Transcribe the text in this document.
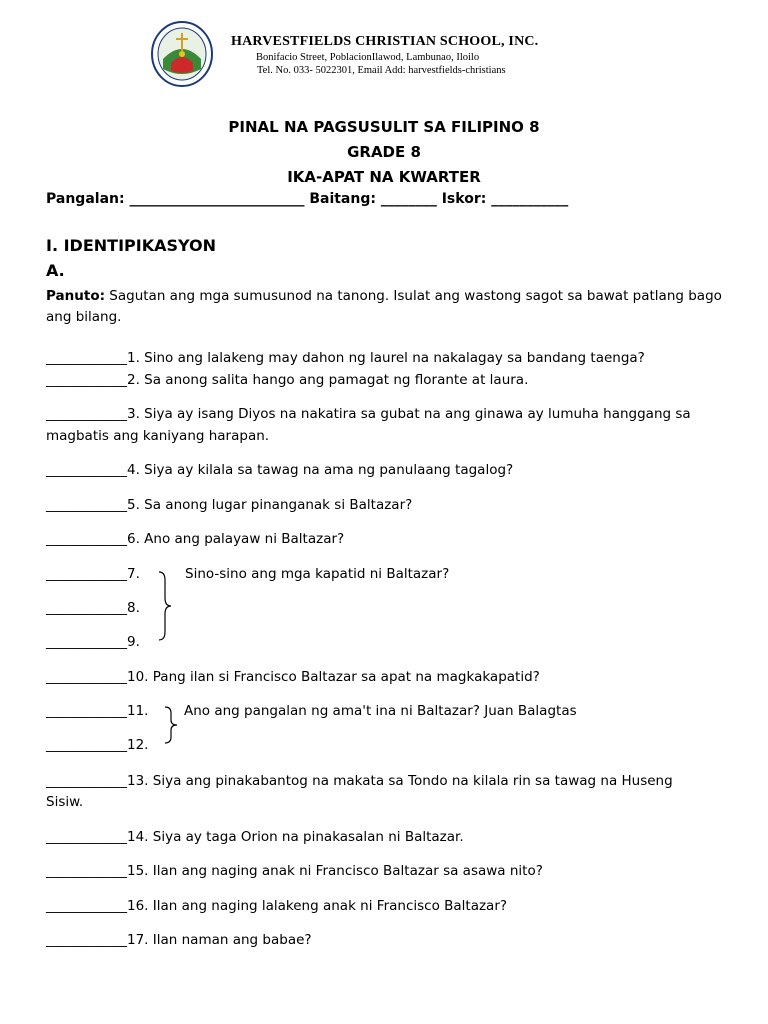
HARVESTFIELDS CHRISTIAN SCHOOL, INC.
Bonifacio Street, PoblacionIlawod, Lambunao, Iloilo
Tel. No. 033- 5022301, Email Add: harvestfields-christians
PINAL NA PAGSUSULIT SA FILIPINO 8
GRADE 8
IKA-APAT NA KWARTER
Pangalan: _________________________ Baitang: ________ Iskor: ___________
I. IDENTIPIKASYON
A.
Panuto: Sagutan ang mga sumusunod na tanong. Isulat ang wastong sagot sa bawat patlang bago ang bilang.
____________1. Sino ang lalakeng may dahon ng laurel na nakalagay sa bandang taenga?
____________2. Sa anong salita hango ang pamagat ng florante at laura.
____________3. Siya ay isang Diyos na nakatira sa gubat na ang ginawa ay lumuha hanggang sa magbatis ang kaniyang harapan.
____________4. Siya ay kilala sa tawag na ama ng panulaang tagalog?
____________5. Sa anong lugar pinanganak si Baltazar?
____________6. Ano ang palayaw ni Baltazar?
____________7.
____________8.
____________9.
Sino-sino ang mga kapatid ni Baltazar?
____________10. Pang ilan si Francisco Baltazar sa apat na magkakapatid?
____________11.
____________12.
Ano ang pangalan ng ama't ina ni Baltazar? Juan Balagtas
____________13. Siya ang pinakabantog na makata sa Tondo na kilala rin sa tawag na Huseng
Sisiw.
____________14. Siya ay taga Orion na pinakasalan ni Baltazar.
____________15. Ilan ang naging anak ni Francisco Baltazar sa asawa nito?
____________16. Ilan ang naging lalakeng anak ni Francisco Baltazar?
____________17. Ilan naman ang babae?
